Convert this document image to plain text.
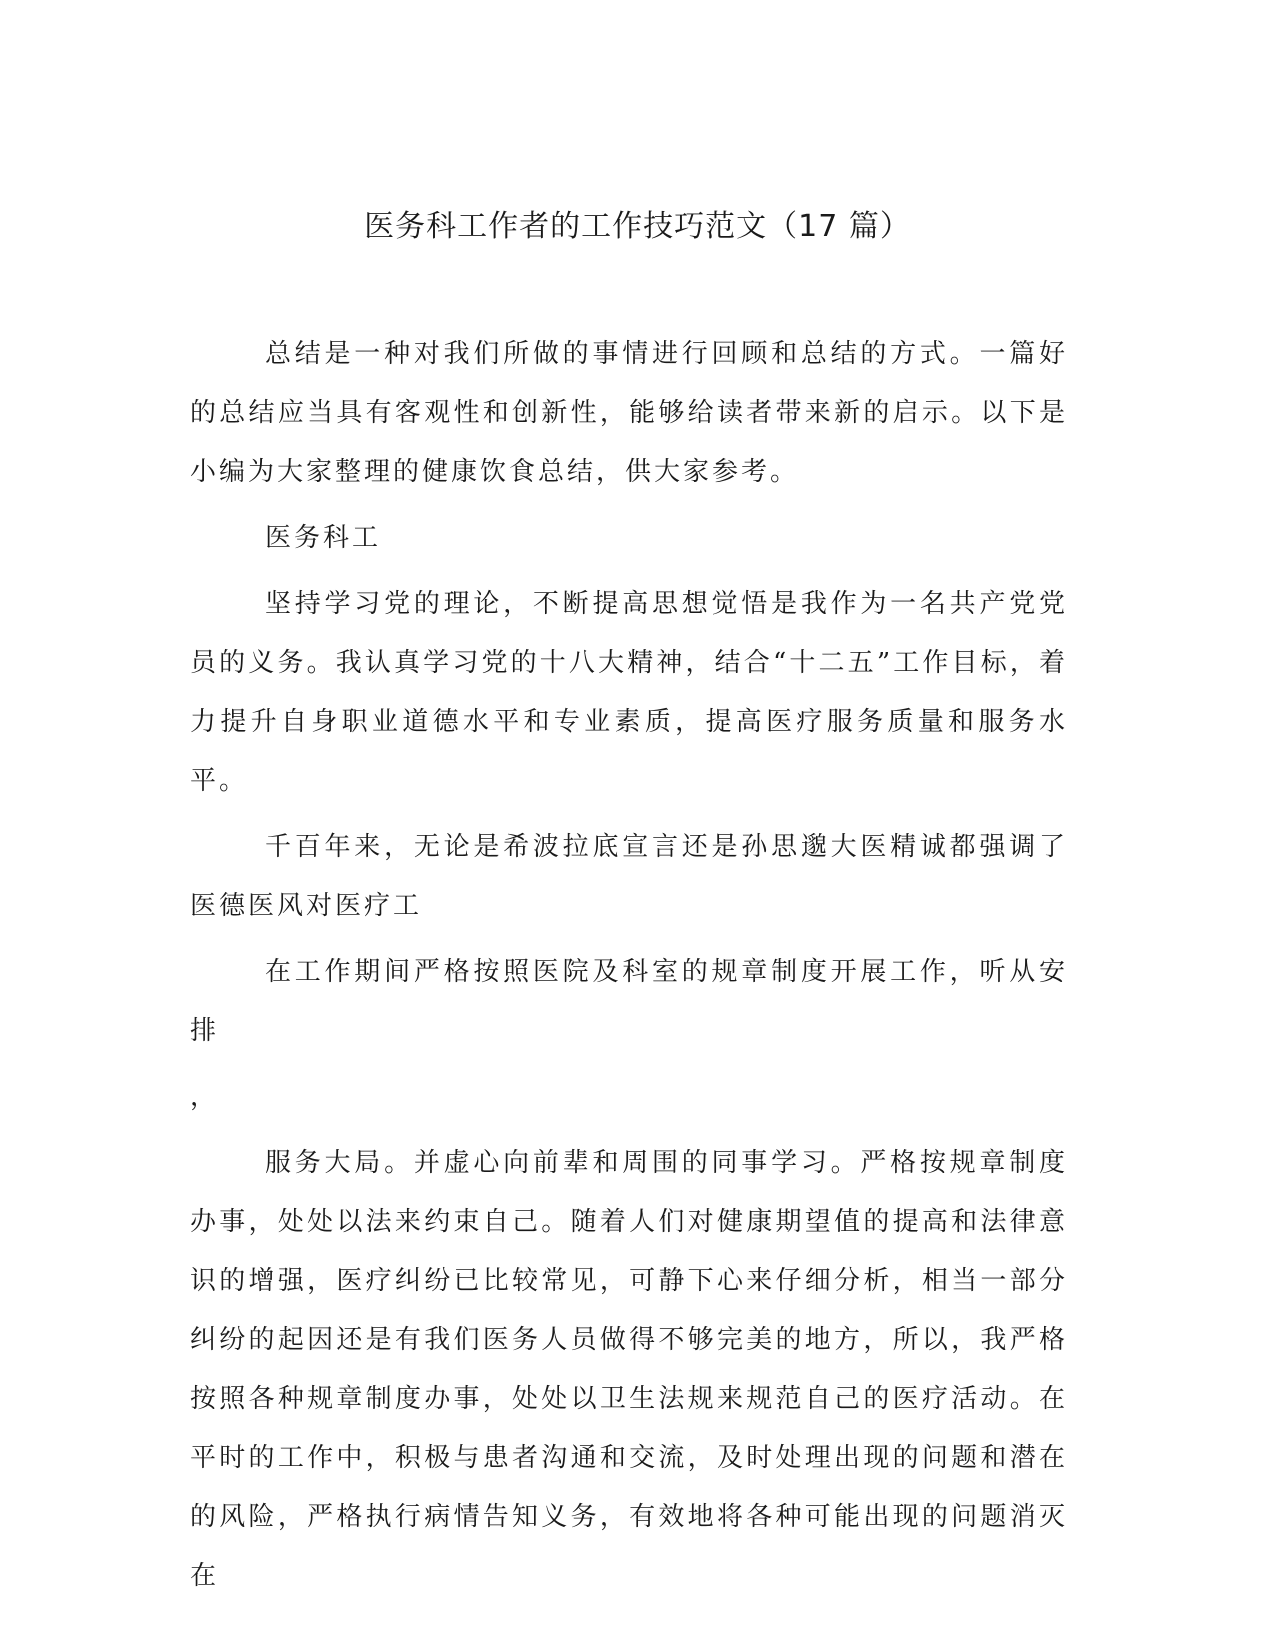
医务科工作者的工作技巧范文（17 篇）

总结是一种对我们所做的事情进行回顾和总结的方式。一篇好的总结应当具有客观性和创新性，能够给读者带来新的启示。以下是小编为大家整理的健康饮食总结，供大家参考。

医务科工

坚持学习党的理论，不断提高思想觉悟是我作为一名共产党党员的义务。我认真学习党的十八大精神，结合“十二五”工作目标，着力提升自身职业道德水平和专业素质，提高医疗服务质量和服务水平。

千百年来，无论是希波拉底宣言还是孙思邈大医精诚都强调了医德医风对医疗工

在工作期间严格按照医院及科室的规章制度开展工作，听从安排

，

服务大局。并虚心向前辈和周围的同事学习。严格按规章制度办事，处处以法来约束自己。随着人们对健康期望值的提高和法律意识的增强，医疗纠纷已比较常见，可静下心来仔细分析，相当一部分纠纷的起因还是有我们医务人员做得不够完美的地方，所以，我严格按照各种规章制度办事，处处以卫生法规来规范自己的医疗活动。在平时的工作中，积极与患者沟通和交流，及时处理出现的问题和潜在的风险，严格执行病情告知义务，有效地将各种可能出现的问题消灭在
